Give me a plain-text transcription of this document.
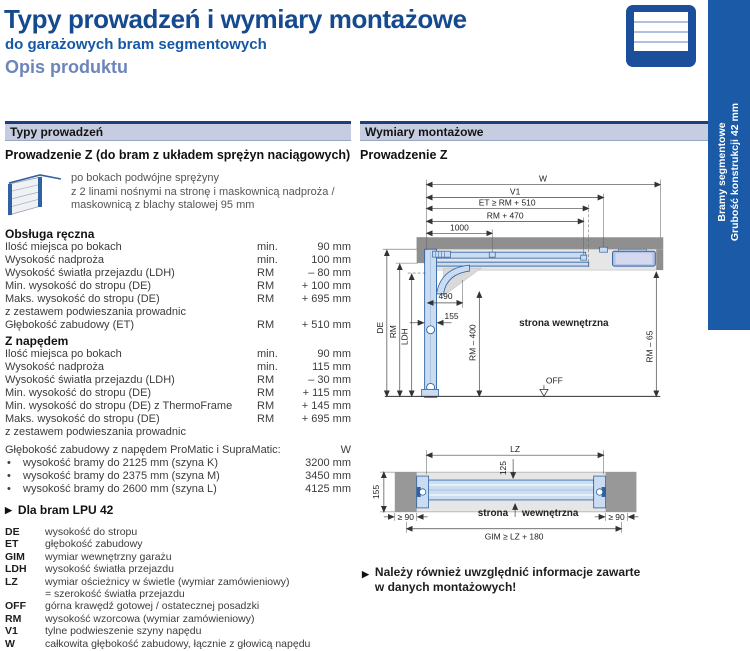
Typy prowadzeń i wymiary montażowe
do garażowych bram segmentowych
Opis produktu
Bramy segmentowe Grubość konstrukcji 42 mm
Typy prowadzeń
Prowadzenie Z (do bram z układem sprężyn naciągowych)
po bokach podwójne sprężyny
z 2 linami nośnymi na stronę i maskownicą nadproża /
maskownicą z blachy stalowej 95 mm
Obsługa ręczna
Ilość miejsca po bokach	min.	90 mm
Wysokość nadproża	min.	100 mm
Wysokość światła przejazdu (LDH)	RM	– 80 mm
Min. wysokość do stropu (DE)	RM	+ 100 mm
Maks. wysokość do stropu (DE)	RM	+ 695 mm
z zestawem podwieszania prowadnic
Głębokość zabudowy (ET)	RM	+ 510 mm
Z napędem
Ilość miejsca po bokach	min.	90 mm
Wysokość nadproża	min.	115 mm
Wysokość światła przejazdu (LDH)	RM	– 30 mm
Min. wysokość do stropu (DE)	RM	+ 115 mm
Min. wysokość do stropu (DE) z ThermoFrame	RM	+ 145 mm
Maks. wysokość do stropu (DE)	RM	+ 695 mm
z zestawem podwieszania prowadnic
Głębokość zabudowy z napędem ProMatic i SupraMatic:	W
•	wysokość bramy do 2125 mm (szyna K)	3200 mm
•	wysokość bramy do 2375 mm (szyna M)	3450 mm
•	wysokość bramy do 2600 mm (szyna L)	4125 mm
▶ Dla bram LPU 42
DE	wysokość do stropu
ET	głębokość zabudowy
GIM	wymiar wewnętrzny garażu
LDH	wysokość światła przejazdu
LZ	wymiar ościeżnicy w świetle (wymiar zamówieniowy)
= szerokość światła przejazdu
OFF	górna krawędź gotowej / ostatecznej posadzki
RM	wysokość wzorcowa (wymiar zamówieniowy)
V1	tylne podwieszenie szyny napędu
W	całkowita głębokość zabudowy, łącznie z głowicą napędu
Wymiary montażowe
Prowadzenie Z
W
V1
ET ≥ RM + 510
RM + 470
1000
490
155
RM – 400	RM – 65
DE RM LDH
strona wewnętrzna
OFF
LZ
125
155
≥ 90	≥ 90
GIM ≥ LZ + 180
strona wewnętrzna
▶ Należy również uwzględnić informacje zawarte
w danych montażowych!
